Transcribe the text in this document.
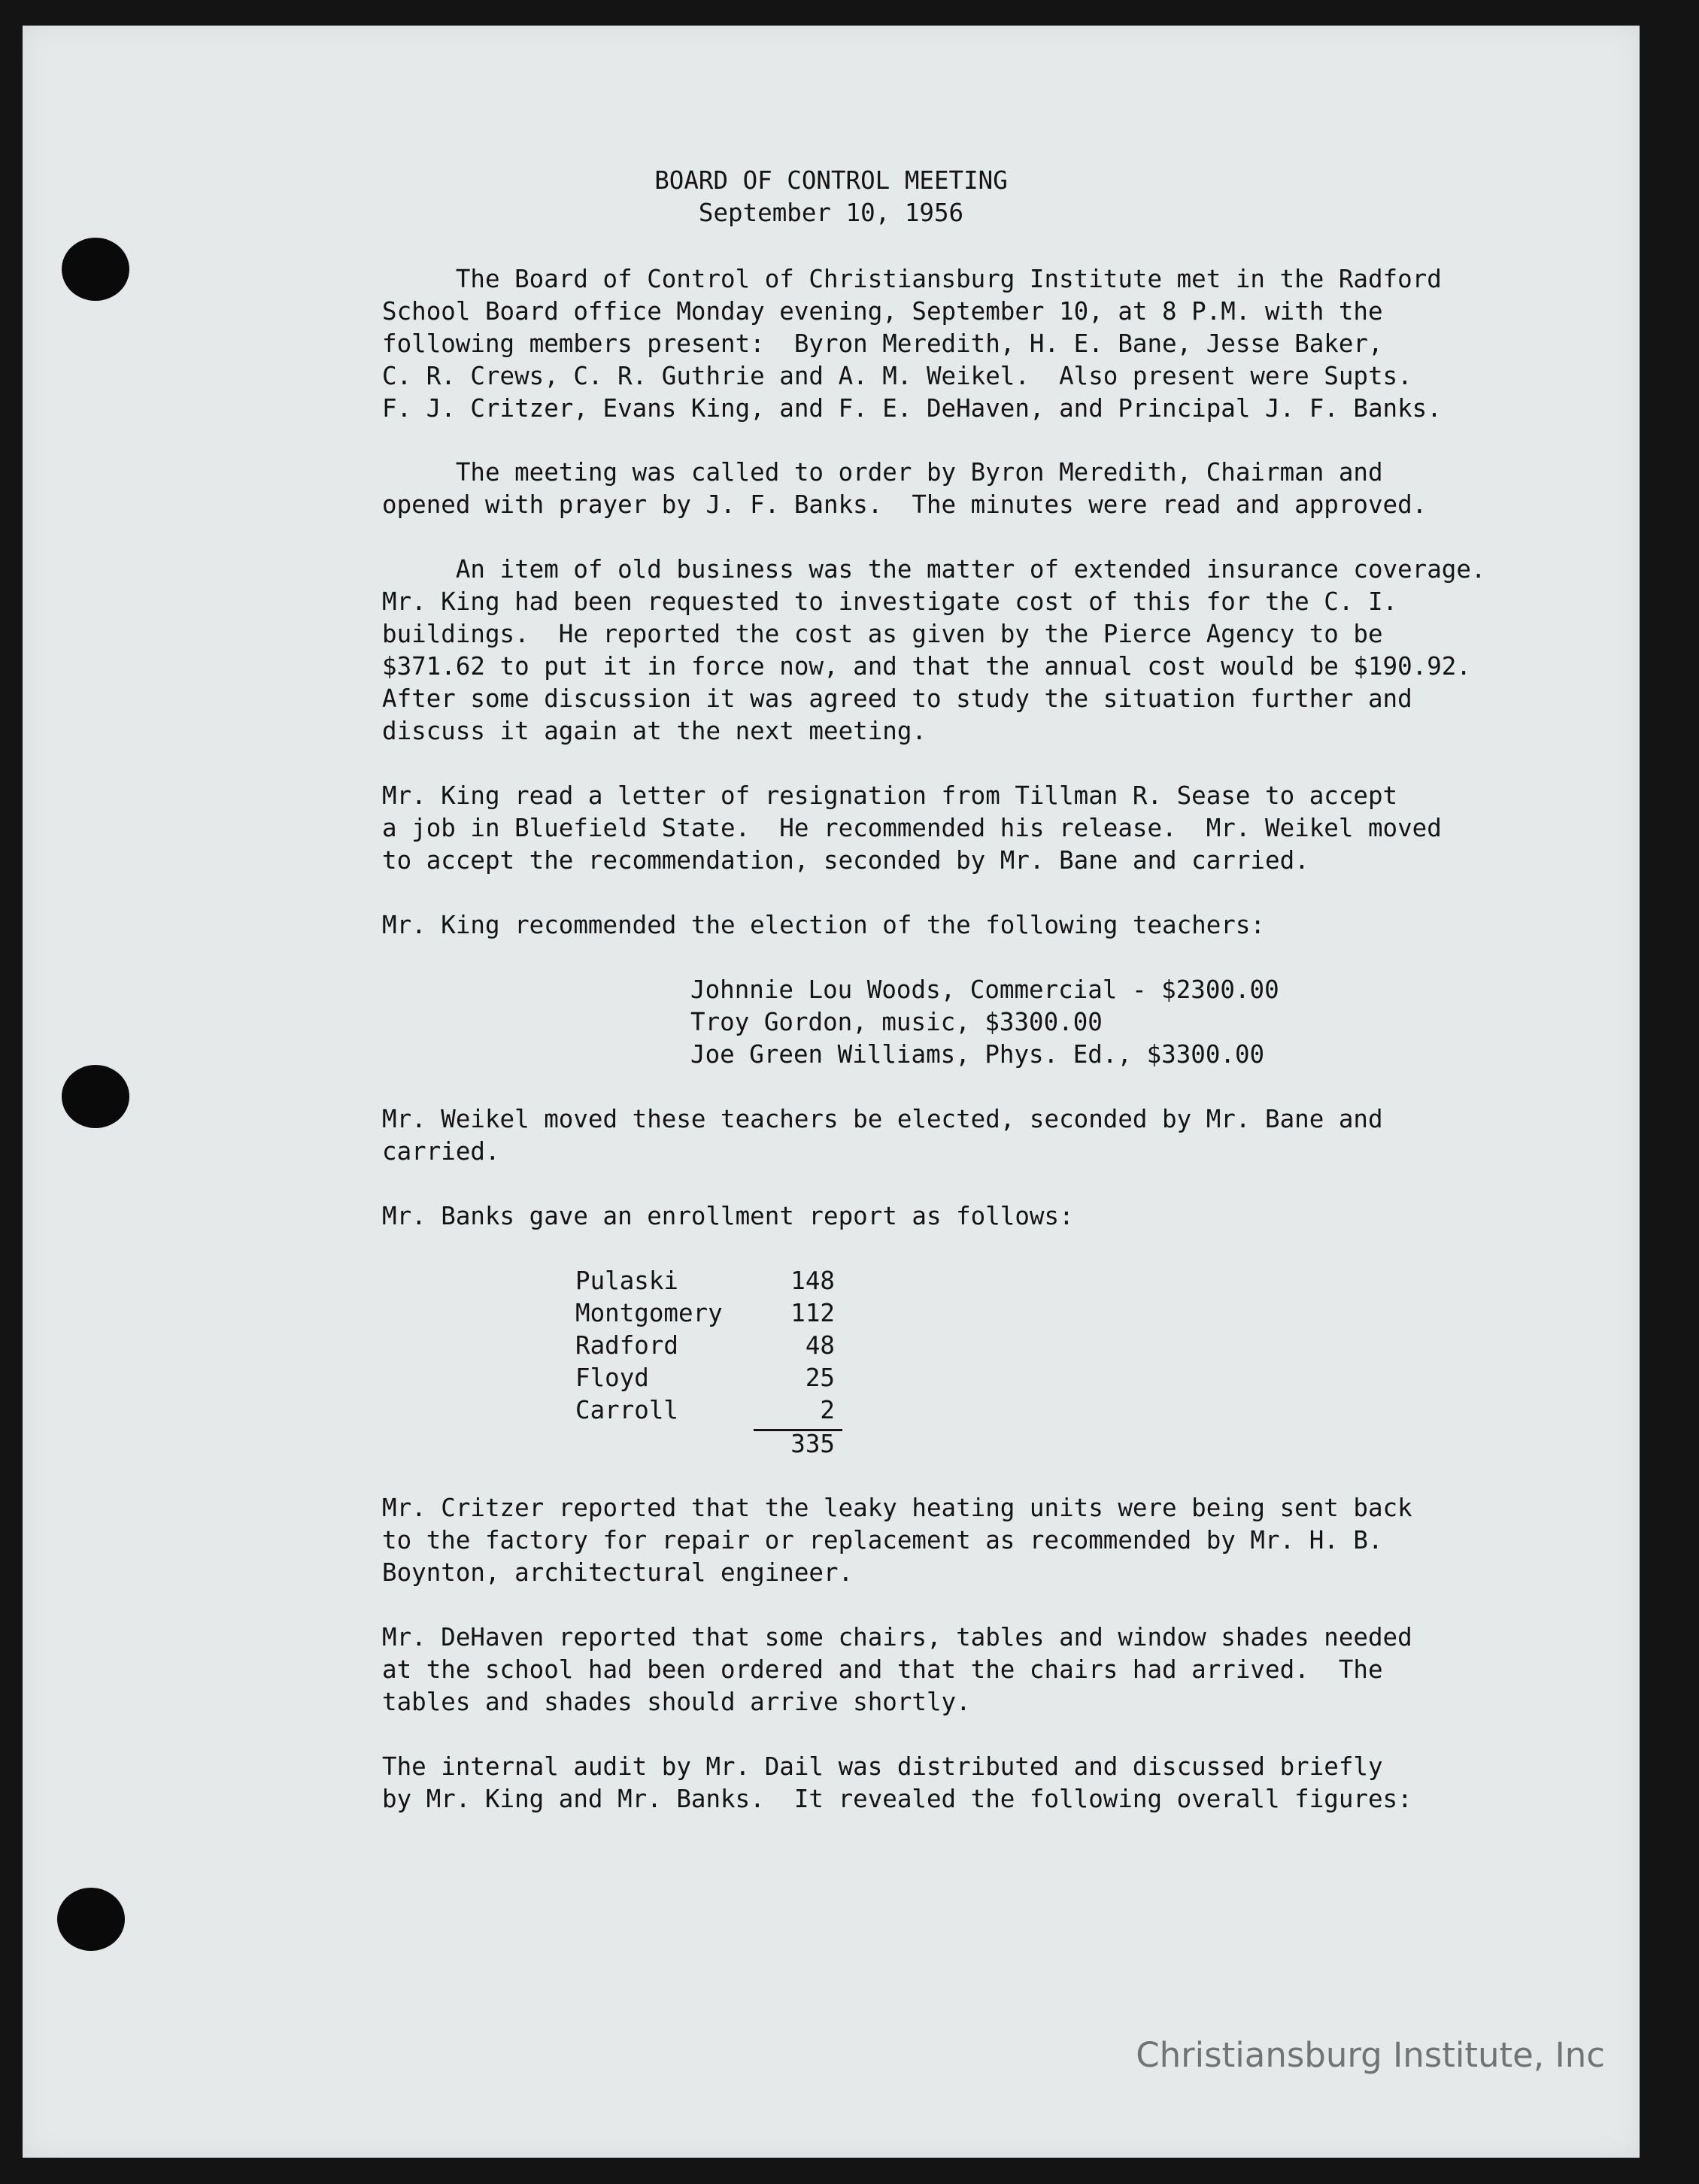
BOARD OF CONTROL MEETING
September 10, 1956
The Board of Control of Christiansburg Institute met in the Radford
School Board office Monday evening, September 10, at 8 P.M. with the
following members present:  Byron Meredith, H. E. Bane, Jesse Baker,
C. R. Crews, C. R. Guthrie and A. M. Weikel.  Also present were Supts.
F. J. Critzer, Evans King, and F. E. DeHaven, and Principal J. F. Banks.
The meeting was called to order by Byron Meredith, Chairman and
opened with prayer by J. F. Banks.  The minutes were read and approved.
An item of old business was the matter of extended insurance coverage.
Mr. King had been requested to investigate cost of this for the C. I.
buildings.  He reported the cost as given by the Pierce Agency to be
$371.62 to put it in force now, and that the annual cost would be $190.92.
After some discussion it was agreed to study the situation further and
discuss it again at the next meeting.
Mr. King read a letter of resignation from Tillman R. Sease to accept
a job in Bluefield State.  He recommended his release.  Mr. Weikel moved
to accept the recommendation, seconded by Mr. Bane and carried.
Mr. King recommended the election of the following teachers:
Johnnie Lou Woods, Commercial - $2300.00
Troy Gordon, music, $3300.00
Joe Green Williams, Phys. Ed., $3300.00
Mr. Weikel moved these teachers be elected, seconded by Mr. Bane and
carried.
Mr. Banks gave an enrollment report as follows:
Pulaski	148
Montgomery	112
Radford	48
Floyd	25
Carroll	2
335
Mr. Critzer reported that the leaky heating units were being sent back
to the factory for repair or replacement as recommended by Mr. H. B.
Boynton, architectural engineer.
Mr. DeHaven reported that some chairs, tables and window shades needed
at the school had been ordered and that the chairs had arrived.  The
tables and shades should arrive shortly.
The internal audit by Mr. Dail was distributed and discussed briefly
by Mr. King and Mr. Banks.  It revealed the following overall figures:
Christiansburg Institute, Inc
